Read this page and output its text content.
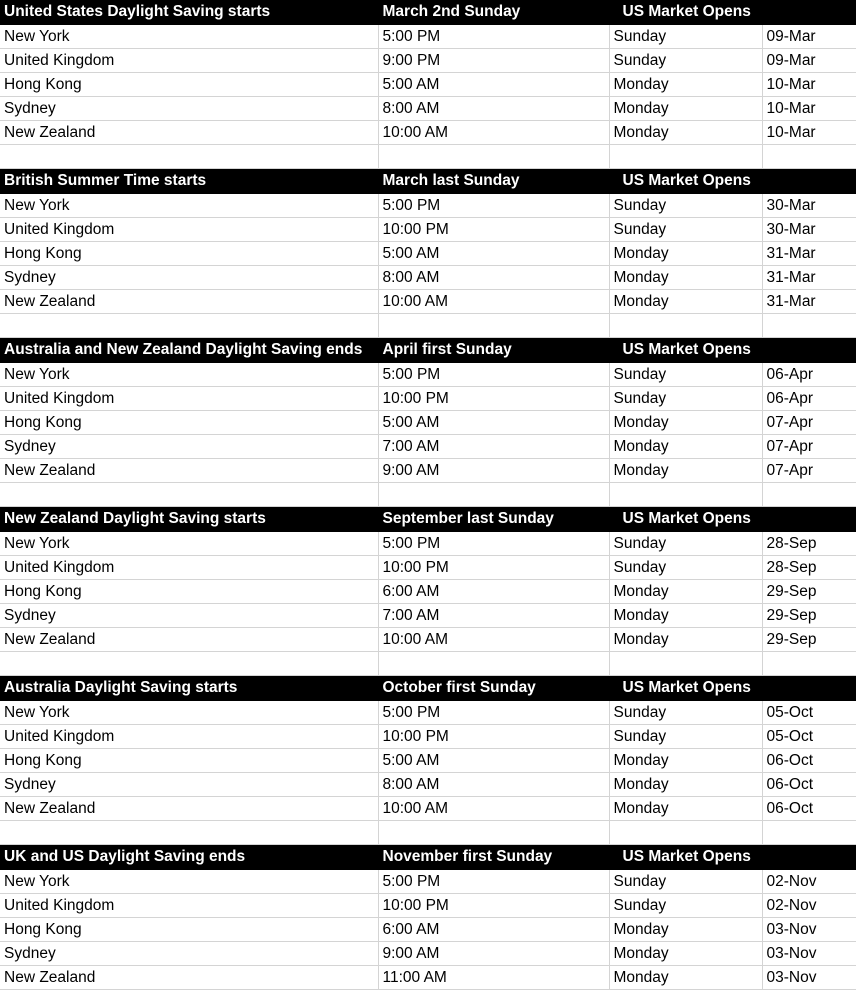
United States Daylight Saving starts	March 2nd Sunday	US Market Opens	
New York	5:00 PM	Sunday	09-Mar
United Kingdom	9:00 PM	Sunday	09-Mar
Hong Kong	5:00 AM	Monday	10-Mar
Sydney	8:00 AM	Monday	10-Mar
New Zealand	10:00 AM	Monday	10-Mar

British Summer Time starts	March last Sunday	US Market Opens	
New York	5:00 PM	Sunday	30-Mar
United Kingdom	10:00 PM	Sunday	30-Mar
Hong Kong	5:00 AM	Monday	31-Mar
Sydney	8:00 AM	Monday	31-Mar
New Zealand	10:00 AM	Monday	31-Mar

Australia and New Zealand Daylight Saving ends	April first Sunday	US Market Opens	
New York	5:00 PM	Sunday	06-Apr
United Kingdom	10:00 PM	Sunday	06-Apr
Hong Kong	5:00 AM	Monday	07-Apr
Sydney	7:00 AM	Monday	07-Apr
New Zealand	9:00 AM	Monday	07-Apr

New Zealand Daylight Saving starts	September last Sunday	US Market Opens	
New York	5:00 PM	Sunday	28-Sep
United Kingdom	10:00 PM	Sunday	28-Sep
Hong Kong	6:00 AM	Monday	29-Sep
Sydney	7:00 AM	Monday	29-Sep
New Zealand	10:00 AM	Monday	29-Sep

Australia Daylight Saving starts	October first Sunday	US Market Opens	
New York	5:00 PM	Sunday	05-Oct
United Kingdom	10:00 PM	Sunday	05-Oct
Hong Kong	5:00 AM	Monday	06-Oct
Sydney	8:00 AM	Monday	06-Oct
New Zealand	10:00 AM	Monday	06-Oct

UK and US Daylight Saving ends	November first Sunday	US Market Opens	
New York	5:00 PM	Sunday	02-Nov
United Kingdom	10:00 PM	Sunday	02-Nov
Hong Kong	6:00 AM	Monday	03-Nov
Sydney	9:00 AM	Monday	03-Nov
New Zealand	11:00 AM	Monday	03-Nov
